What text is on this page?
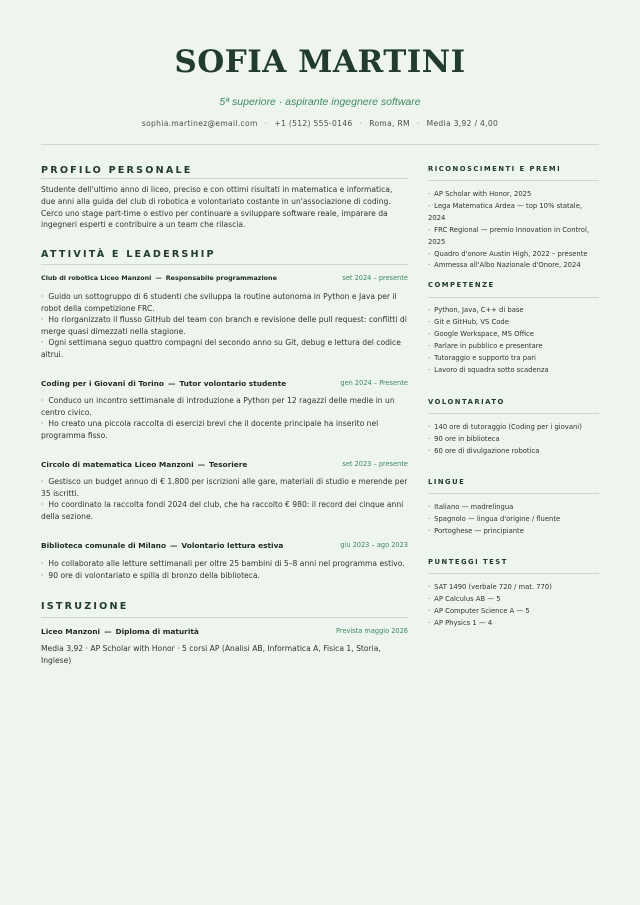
SOFIA MARTINI
5ª superiore · aspirante ingegnere software
sophia.martinez@email.com · +1 (512) 555-0146 · Roma, RM · Media 3,92 / 4,00
PROFILO PERSONALE
Studente dell'ultimo anno di liceo, preciso e con ottimi risultati in matematica e informatica, due anni alla guida del club di robotica e volontariato costante in un'associazione di coding. Cerco uno stage part-time o estivo per continuare a sviluppare software reale, imparare da ingegneri esperti e contribuire a un team che rilascia.
ATTIVITÀ E LEADERSHIP
Club di robotica Liceo Manzoni — Responsabile programmazione	set 2024 – presente
· Guido un sottogruppo di 6 studenti che sviluppa la routine autonoma in Python e Java per il robot della competizione FRC.
· Ho riorganizzato il flusso GitHub del team con branch e revisione delle pull request: conflitti di merge quasi dimezzati nella stagione.
· Ogni settimana seguo quattro compagni del secondo anno su Git, debug e lettura del codice altrui.
Coding per i Giovani di Torino — Tutor volontario studente	gen 2024 – Presente
· Conduco un incontro settimanale di introduzione a Python per 12 ragazzi delle medie in un centro civico.
· Ho creato una piccola raccolta di esercizi brevi che il docente principale ha inserito nel programma fisso.
Circolo di matematica Liceo Manzoni — Tesoriere	set 2023 – presente
· Gestisco un budget annuo di € 1.800 per iscrizioni alle gare, materiali di studio e merende per 35 iscritti.
· Ho coordinato la raccolta fondi 2024 del club, che ha raccolto € 980: il record dei cinque anni della sezione.
Biblioteca comunale di Milano — Volontario lettura estiva	giu 2023 – ago 2023
· Ho collaborato alle letture settimanali per oltre 25 bambini di 5–8 anni nel programma estivo.
· 90 ore di volontariato e spilla di bronzo della biblioteca.
ISTRUZIONE
Liceo Manzoni — Diploma di maturità	Prevista maggio 2026
Media 3,92 · AP Scholar with Honor · 5 corsi AP (Analisi AB, Informatica A, Fisica 1, Storia, Inglese)
RICONOSCIMENTI E PREMI
· AP Scholar with Honor, 2025
· Lega Matematica Ardea — top 10% statale, 2024
· FRC Regional — premio Innovation in Control, 2025
· Quadro d'onore Austin High, 2022 – presente
· Ammessa all'Albo Nazionale d'Onore, 2024
COMPETENZE
· Python, Java, C++ di base
· Git e GitHub, VS Code
· Google Workspace, MS Office
· Parlare in pubblico e presentare
· Tutoraggio e supporto tra pari
· Lavoro di squadra sotto scadenza
VOLONTARIATO
· 140 ore di tutoraggio (Coding per i giovani)
· 90 ore in biblioteca
· 60 ore di divulgazione robotica
LINGUE
· Italiano — madrelingua
· Spagnolo — lingua d'origine / fluente
· Portoghese — principiante
PUNTEGGI TEST
· SAT 1490 (verbale 720 / mat. 770)
· AP Calculus AB — 5
· AP Computer Science A — 5
· AP Physics 1 — 4
